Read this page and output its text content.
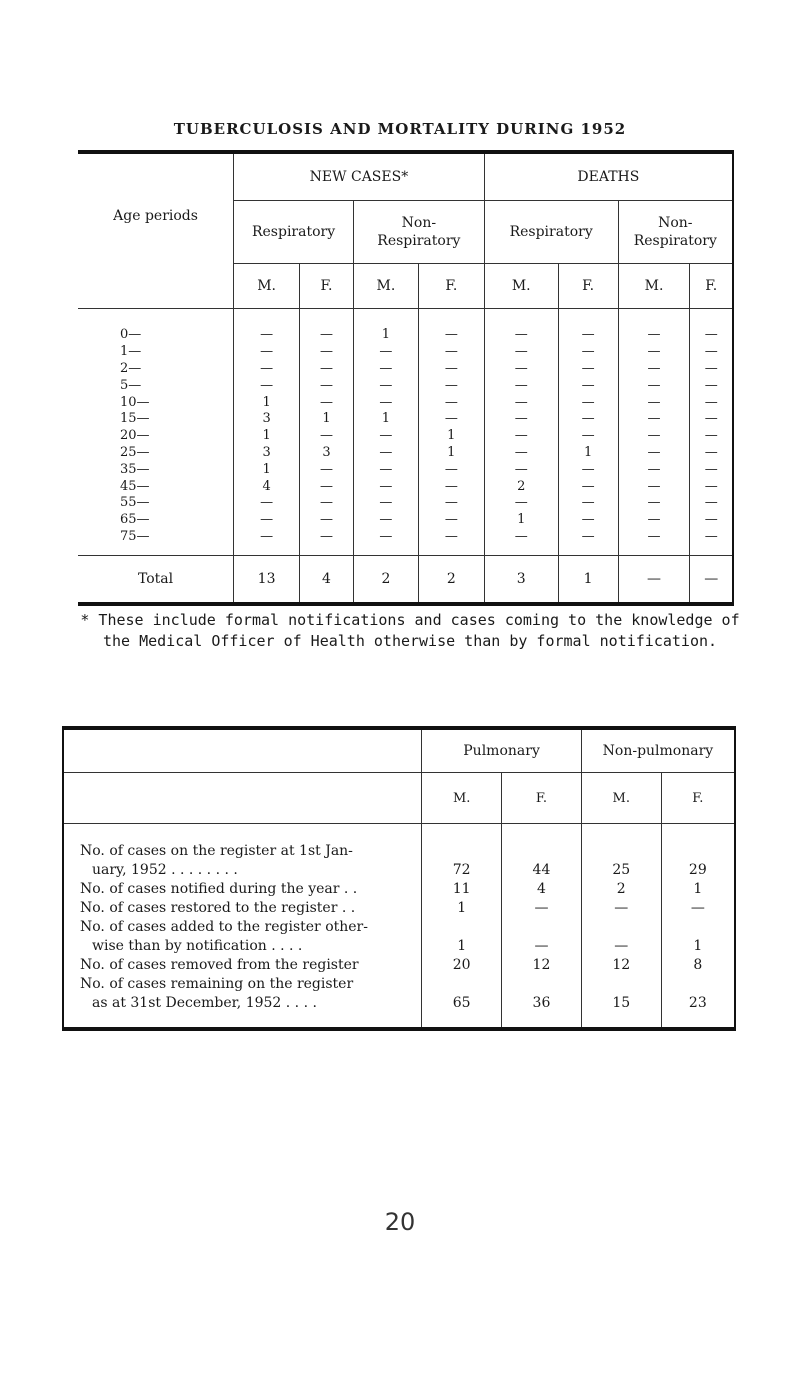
TUBERCULOSIS AND MORTALITY DURING 1952
Age periods	NEW CASES*				DEATHS			
	Respiratory		Non-
Respiratory		Respiratory		Non-
Respiratory	
	M.	F.	M.	F.	M.	F.	M.	F.
0—	—	—	1	—	—	—	—	—
1—	—	—	—	—	—	—	—	—
2—	—	—	—	—	—	—	—	—
5—	—	—	—	—	—	—	—	—
10—	1	—	—	—	—	—	—	—
15—	3	1	1	—	—	—	—	—
20—	1	—	—	1	—	—	—	—
25—	3	3	—	1	—	1	—	—
35—	1	—	—	—	—	—	—	—
45—	4	—	—	—	2	—	—	—
55—	—	—	—	—	—	—	—	—
65—	—	—	—	—	1	—	—	—
75—	—	—	—	—	—	—	—	—
Total	13	4	2	2	3	1	—	—
* These include formal notifications and cases coming to the knowledge of the Medical Officer of Health otherwise than by formal notification.
	Pulmonary		Non-pulmonary	
	M.	F.	M.	F.

No. of cases on the register at 1st Jan-
uary, 1952 . . . . . . . .	72	44	25	29

No. of cases notified during the year . .	11	4	2	1

No. of cases restored to the register . .	1	—	—	—

No. of cases added to the register other-
wise than by notification . . . .	1	—	—	1

No. of cases removed from the register	20	12	12	8

No. of cases remaining on the register
as at 31st December, 1952 . . . .	65	36	15	23
20
